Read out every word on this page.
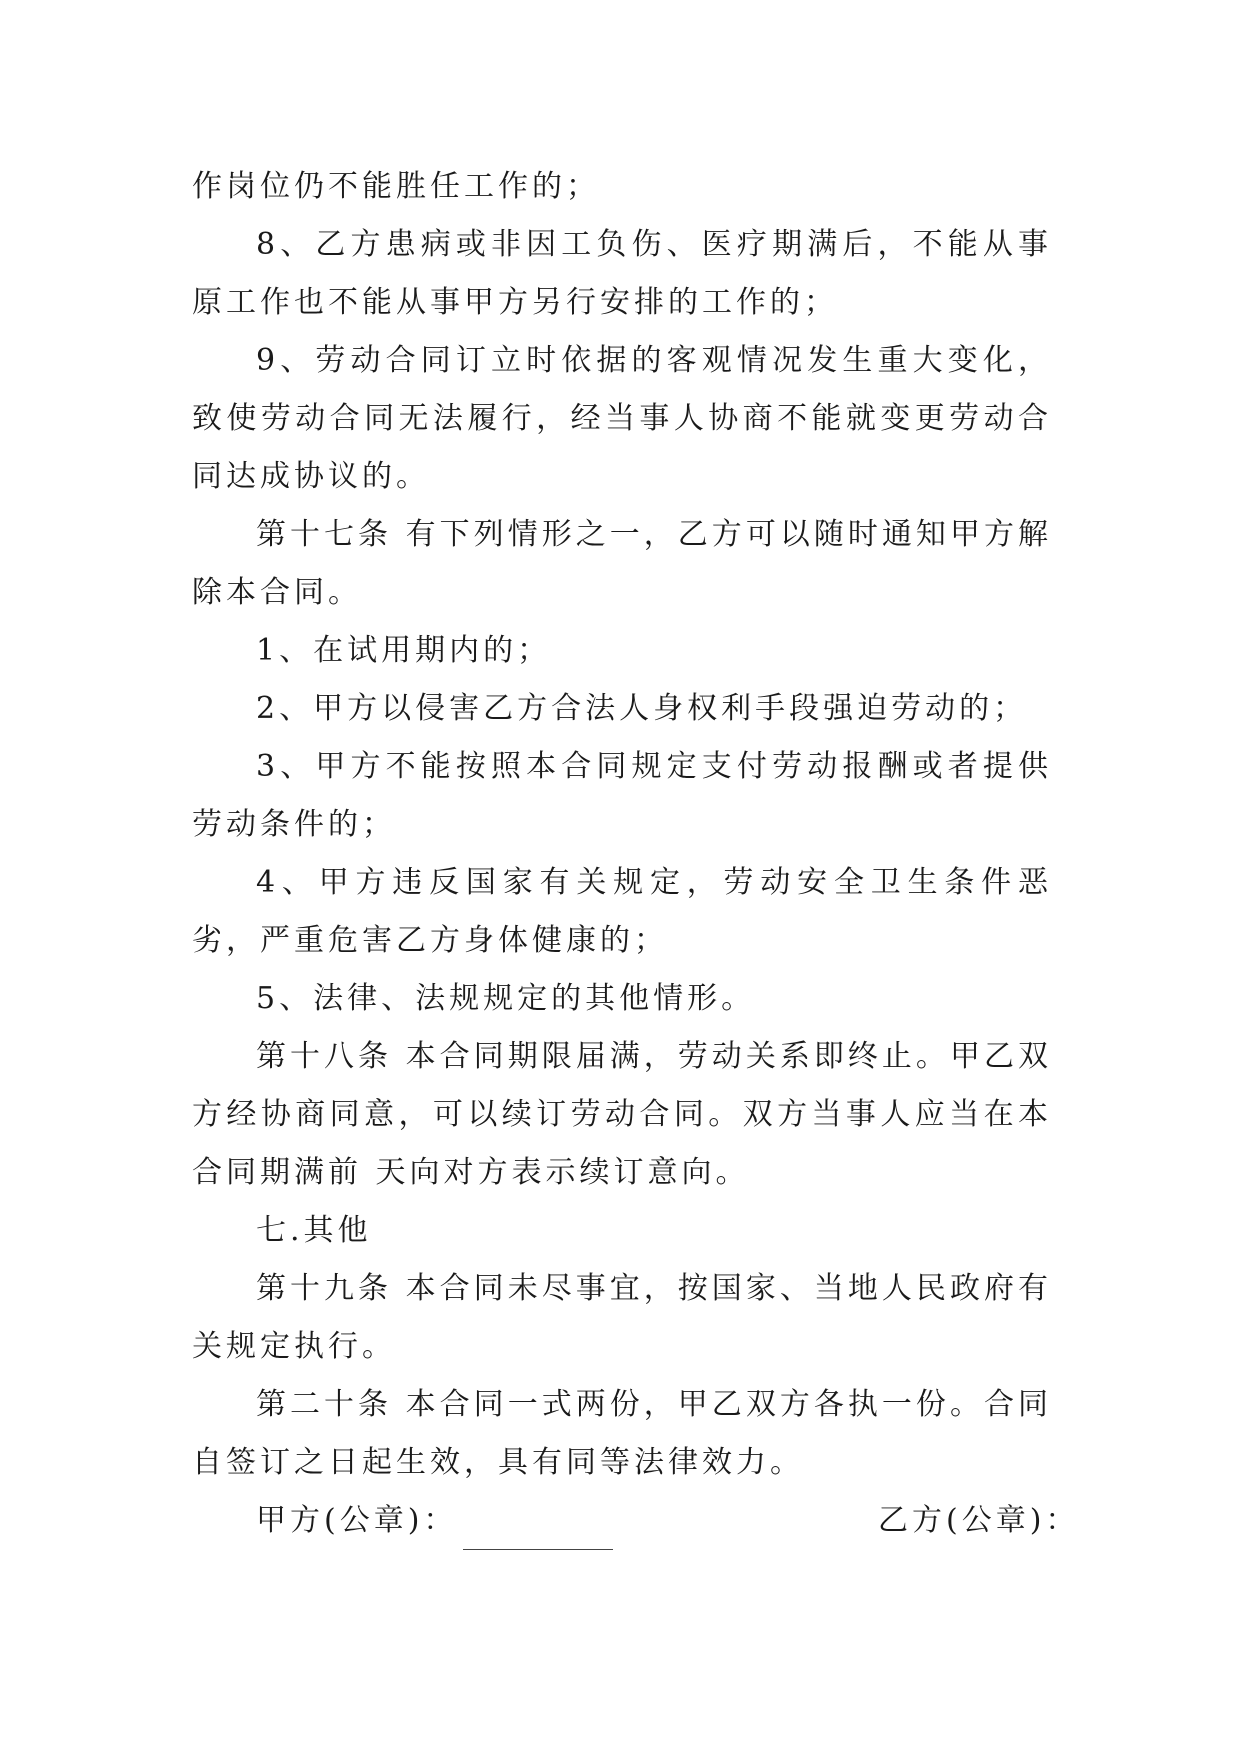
作岗位仍不能胜任工作的；

8、乙方患病或非因工负伤、医疗期满后，不能从事原工作也不能从事甲方另行安排的工作的；

9、劳动合同订立时依据的客观情况发生重大变化，致使劳动合同无法履行，经当事人协商不能就变更劳动合同达成协议的。

第十七条 有下列情形之一，乙方可以随时通知甲方解除本合同。

1、在试用期内的；

2、甲方以侵害乙方合法人身权利手段强迫劳动的；

3、甲方不能按照本合同规定支付劳动报酬或者提供劳动条件的；

4、甲方违反国家有关规定，劳动安全卫生条件恶劣，严重危害乙方身体健康的；

5、法律、法规规定的其他情形。

第十八条 本合同期限届满，劳动关系即终止。甲乙双方经协商同意，可以续订劳动合同。双方当事人应当在本合同期满前 天向对方表示续订意向。

七.其他

第十九条 本合同未尽事宜，按国家、当地人民政府有关规定执行。

第二十条 本合同一式两份，甲乙双方各执一份。合同自签订之日起生效，具有同等法律效力。

甲方(公章)：	乙方(公章)：
